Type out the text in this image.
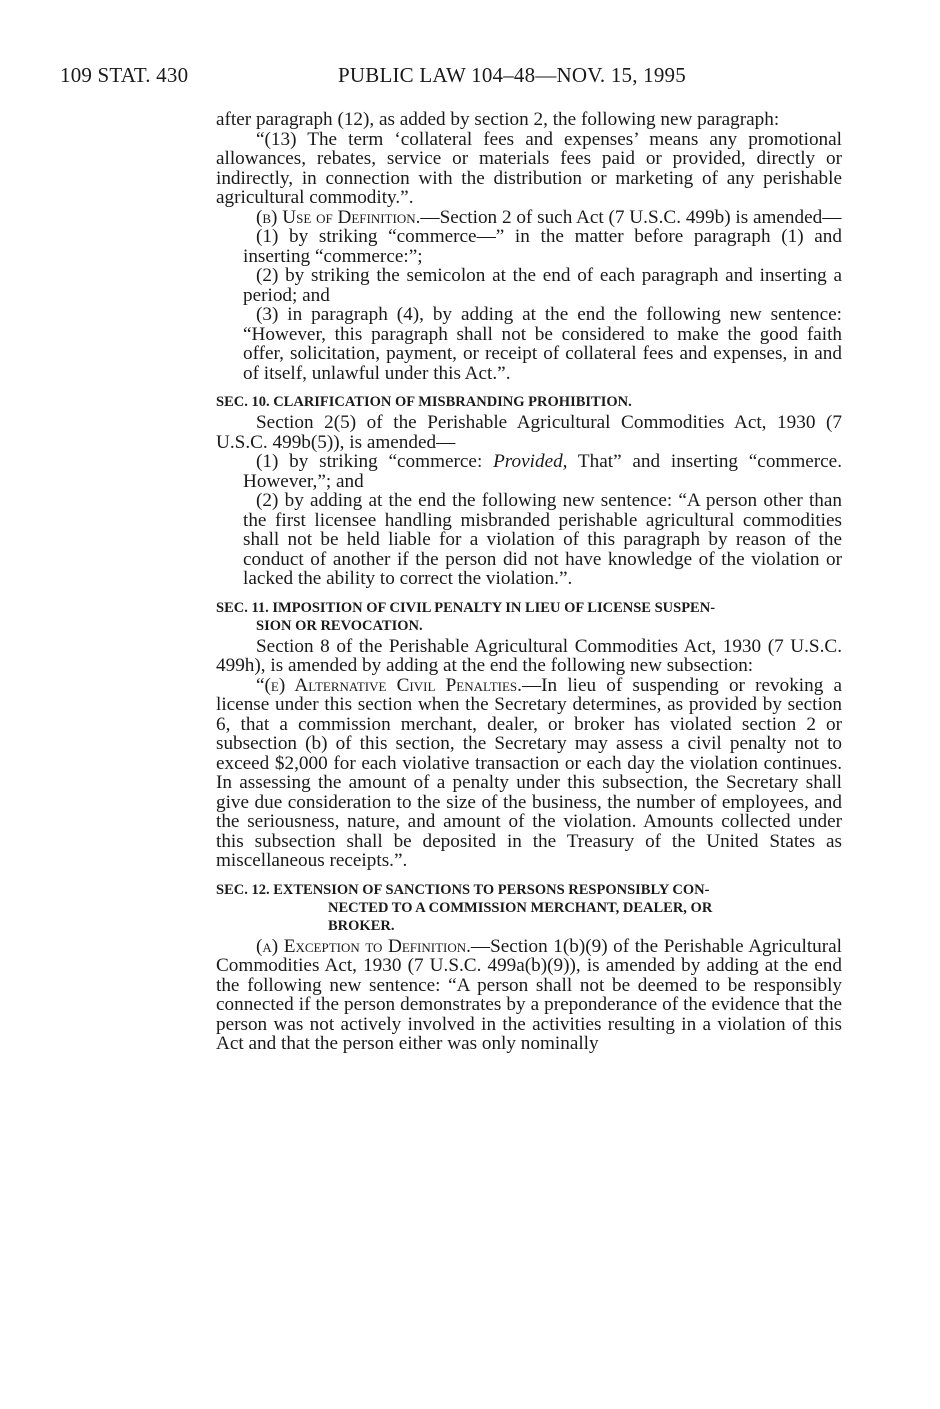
109 STAT. 430	PUBLIC LAW 104–48—NOV. 15, 1995

after paragraph (12), as added by section 2, the following new paragraph:

“(13) The term ‘collateral fees and expenses’ means any promotional allowances, rebates, service or materials fees paid or provided, directly or indirectly, in connection with the distribution or marketing of any perishable agricultural commodity.”.

(b) Use of Definition.—Section 2 of such Act (7 U.S.C. 499b) is amended—

(1) by striking “commerce—” in the matter before paragraph (1) and inserting “commerce:”;

(2) by striking the semicolon at the end of each paragraph and inserting a period; and

(3) in paragraph (4), by adding at the end the following new sentence: “However, this paragraph shall not be considered to make the good faith offer, solicitation, payment, or receipt of collateral fees and expenses, in and of itself, unlawful under this Act.”.

SEC. 10. CLARIFICATION OF MISBRANDING PROHIBITION.

Section 2(5) of the Perishable Agricultural Commodities Act, 1930 (7 U.S.C. 499b(5)), is amended—

(1) by striking “commerce: Provided, That” and inserting “commerce. However,”; and

(2) by adding at the end the following new sentence: “A person other than the first licensee handling misbranded perishable agricultural commodities shall not be held liable for a violation of this paragraph by reason of the conduct of another if the person did not have knowledge of the violation or lacked the ability to correct the violation.”.

SEC. 11. IMPOSITION OF CIVIL PENALTY IN LIEU OF LICENSE SUSPEN-
SION OR REVOCATION.

Section 8 of the Perishable Agricultural Commodities Act, 1930 (7 U.S.C. 499h), is amended by adding at the end the following new subsection:

“(e) Alternative Civil Penalties.—In lieu of suspending or revoking a license under this section when the Secretary determines, as provided by section 6, that a commission merchant, dealer, or broker has violated section 2 or subsection (b) of this section, the Secretary may assess a civil penalty not to exceed $2,000 for each violative transaction or each day the violation continues. In assessing the amount of a penalty under this subsection, the Secretary shall give due consideration to the size of the business, the number of employees, and the seriousness, nature, and amount of the violation. Amounts collected under this subsection shall be deposited in the Treasury of the United States as miscellaneous receipts.”.

SEC. 12. EXTENSION OF SANCTIONS TO PERSONS RESPONSIBLY CON-
NECTED TO A COMMISSION MERCHANT, DEALER, OR
BROKER.

(a) Exception to Definition.—Section 1(b)(9) of the Perishable Agricultural Commodities Act, 1930 (7 U.S.C. 499a(b)(9)), is amended by adding at the end the following new sentence: “A person shall not be deemed to be responsibly connected if the person demonstrates by a preponderance of the evidence that the person was not actively involved in the activities resulting in a violation of this Act and that the person either was only nominally
